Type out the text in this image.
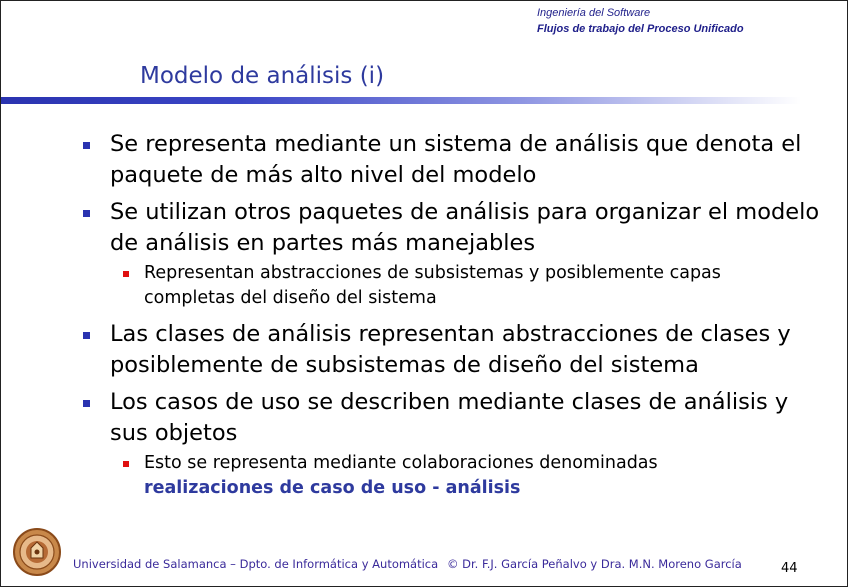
Ingeniería del Software
Flujos de trabajo del Proceso Unificado
Modelo de análisis (i)
Se representa mediante un sistema de análisis que denota el paquete de más alto nivel del modelo
Se utilizan otros paquetes de análisis para organizar el modelo de análisis en partes más manejables
Representan abstracciones de subsistemas y posiblemente capas completas del diseño del sistema
Las clases de análisis representan abstracciones de clases y posiblemente de subsistemas de diseño del sistema
Los casos de uso se describen mediante clases de análisis y sus objetos
Esto se representa mediante colaboraciones denominadas
realizaciones de caso de uso - análisis
Universidad de Salamanca – Dpto. de Informática y Automática © Dr. F.J. García Peñalvo y Dra. M.N. Moreno García	44
